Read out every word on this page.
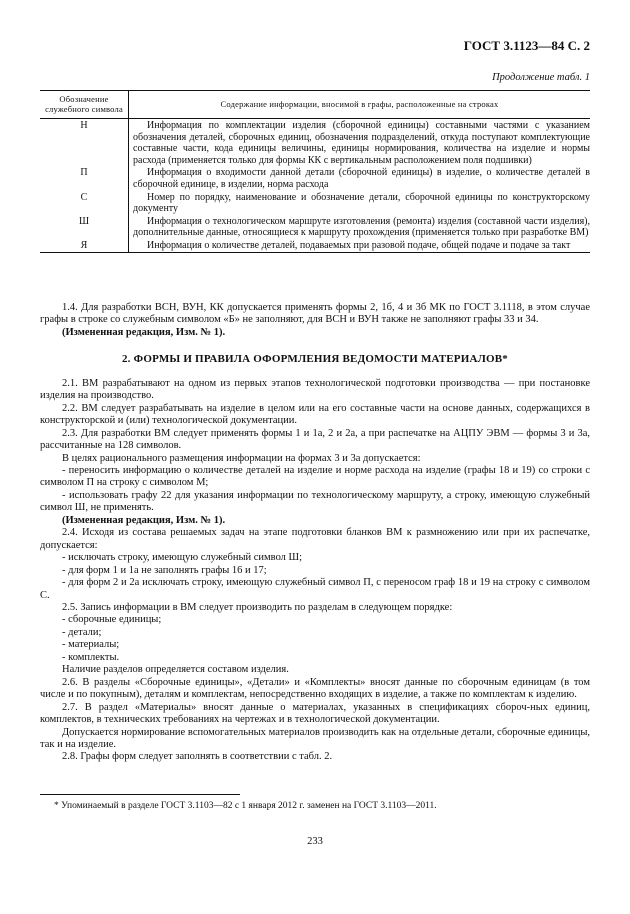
ГОСТ 3.1123—84 С. 2
Продолжение табл. 1
Обозначение служебного символа	Содержание информации, вносимой в графы, расположенные на строках
Н	Информация по комплектации изделия (сборочной единицы) составными частями с указанием обозначения деталей, сборочных единиц, обозначения подразделений, откуда поступают комплектующие составные части, кода единицы величины, единицы нормирования, количества на изделие и нормы расхода (применяется только для формы КК с вертикальным расположением поля подшивки)
П	Информация о входимости данной детали (сборочной единицы) в изделие, о количестве деталей в сборочной единице, в изделии, норма расхода
С	Номер по порядку, наименование и обозначение детали, сборочной единицы по конструкторскому документу
Ш	Информация о технологическом маршруте изготовления (ремонта) изделия (составной части изделия), дополнительные данные, относящиеся к маршруту прохождения (применяется только при разработке ВМ)
Я	Информация о количестве деталей, подаваемых при разовой подаче, общей подаче и подаче за такт

1.4. Для разработки ВСН, ВУН, КК допускается применять формы 2, 1б, 4 и 3б МК по ГОСТ 3.1118, в этом случае графы в строке со служебным символом «Б» не заполняют, для ВСН и ВУН также не заполняют графы 33 и 34.

(Измененная редакция, Изм. № 1).

2. ФОРМЫ И ПРАВИЛА ОФОРМЛЕНИЯ ВЕДОМОСТИ МАТЕРИАЛОВ*

2.1. ВМ разрабатывают на одном из первых этапов технологической подготовки производства — при постановке изделия на производство.

2.2. ВМ следует разрабатывать на изделие в целом или на его составные части на основе данных, содержащихся в конструкторской и (или) технологической документации.

2.3. Для разработки ВМ следует применять формы 1 и 1а, 2 и 2а, а при распечатке на АЦПУ ЭВМ — формы 3 и 3а, рассчитанные на 128 символов.

В целях рационального размещения информации на формах 3 и 3а допускается:

- переносить информацию о количестве деталей на изделие и норме расхода на изделие (графы 18 и 19) со строки с символом П на строку с символом М;

- использовать графу 22 для указания информации по технологическому маршруту, а строку, имеющую служебный символ Ш, не применять.

(Измененная редакция, Изм. № 1).

2.4. Исходя из состава решаемых задач на этапе подготовки бланков ВМ к размножению или при их распечатке, допускается:

- исключать строку, имеющую служебный символ Ш;

- для форм 1 и 1а не заполнять графы 16 и 17;

- для форм 2 и 2а исключать строку, имеющую служебный символ П, с переносом граф 18 и 19 на строку с символом С.

2.5. Запись информации в ВМ следует производить по разделам в следующем порядке:

- сборочные единицы;

- детали;

- материалы;

- комплекты.

Наличие разделов определяется составом изделия.

2.6. В разделы «Сборочные единицы», «Детали» и «Комплекты» вносят данные по сборочным единицам (в том числе и по покупным), деталям и комплектам, непосредственно входящих в изделие, а также по комплектам к изделию.

2.7. В раздел «Материалы» вносят данные о материалах, указанных в спецификациях сбороч-ных единиц, комплектов, в технических требованиях на чертежах и в технологической документации.

Допускается нормирование вспомогательных материалов производить как на отдельные детали, сборочные единицы, так и на изделие.

2.8. Графы форм следует заполнять в соответствии с табл. 2.

* Упоминаемый в разделе ГОСТ 3.1103—82 с 1 января 2012 г. заменен на ГОСТ 3.1103—2011.
233
